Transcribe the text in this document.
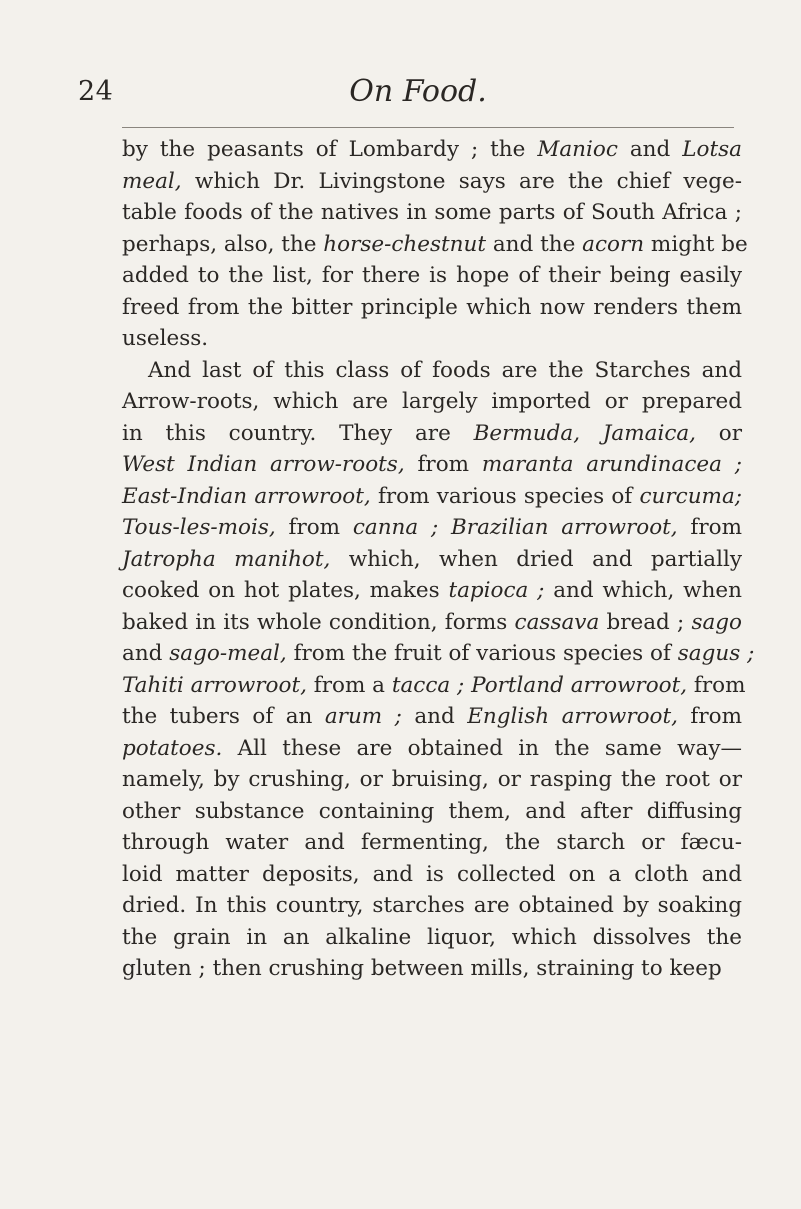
24	On Food.
by the peasants of Lombardy ; the Manioc and Lotsa
meal, which Dr. Livingstone says are the chief vege-
table foods of the natives in some parts of South Africa ;
perhaps, also, the horse-chestnut and the acorn might be
added to the list, for there is hope of their being easily
freed from the bitter principle which now renders them
useless.
And last of this class of foods are the Starches and
Arrow-roots, which are largely imported or prepared
in this country. They are Bermuda, Jamaica, or
West Indian arrow-roots, from maranta arundinacea ;
East-Indian arrowroot, from various species of curcuma;
Tous-les-mois, from canna ; Brazilian arrowroot, from
Jatropha manihot, which, when dried and partially
cooked on hot plates, makes tapioca ; and which, when
baked in its whole condition, forms cassava bread ; sago
and sago-meal, from the fruit of various species of sagus ;
Tahiti arrowroot, from a tacca ; Portland arrowroot, from
the tubers of an arum ; and English arrowroot, from
potatoes. All these are obtained in the same way—
namely, by crushing, or bruising, or rasping the root or
other substance containing them, and after diffusing
through water and fermenting, the starch or fæcu-
loid matter deposits, and is collected on a cloth and
dried. In this country, starches are obtained by soaking
the grain in an alkaline liquor, which dissolves the
gluten ; then crushing between mills, straining to keep
